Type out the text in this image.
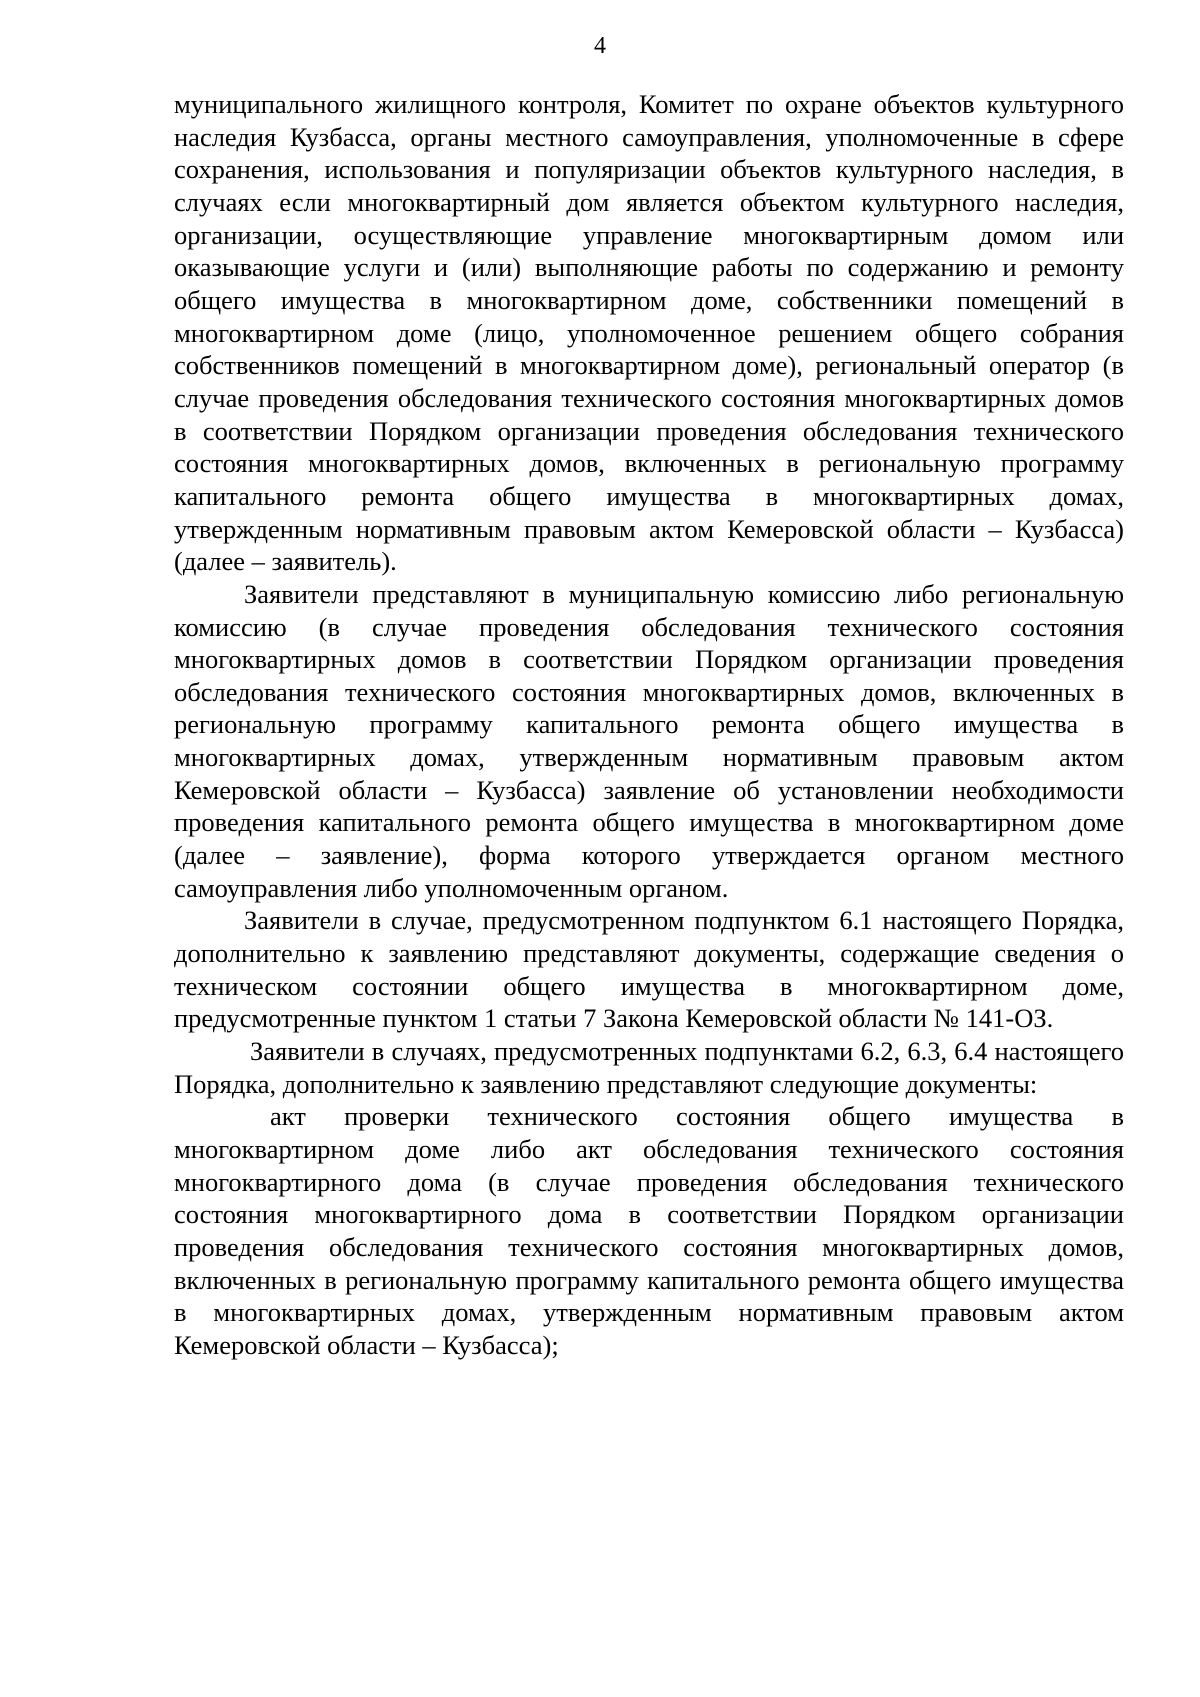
4

муниципального жилищного контроля, Комитет по охране объектов культурного наследия Кузбасса, органы местного самоуправления, уполномоченные в сфере сохранения, использования и популяризации объектов культурного наследия, в случаях если многоквартирный дом является объектом культурного наследия, организации, осуществляющие управление многоквартирным домом или оказывающие услуги и (или) выполняющие работы по содержанию и ремонту общего имущества в многоквартирном доме, собственники помещений в многоквартирном доме (лицо, уполномоченное решением общего собрания собственников помещений в многоквартирном доме), региональный оператор (в случае проведения обследования технического состояния многоквартирных домов в соответствии Порядком организации проведения обследования технического состояния многоквартирных домов, включенных в региональную программу капитального ремонта общего имущества в многоквартирных домах, утвержденным нормативным правовым актом Кемеровской области – Кузбасса) (далее – заявитель).

Заявители представляют в муниципальную комиссию либо региональную комиссию (в случае проведения обследования технического состояния многоквартирных домов в соответствии Порядком организации проведения обследования технического состояния многоквартирных домов, включенных в региональную программу капитального ремонта общего имущества в многоквартирных домах, утвержденным нормативным правовым актом Кемеровской области – Кузбасса) заявление об установлении необходимости проведения капитального ремонта общего имущества в многоквартирном доме (далее – заявление), форма которого утверждается органом местного самоуправления либо уполномоченным органом.

Заявители в случае, предусмотренном подпунктом 6.1 настоящего Порядка, дополнительно к заявлению представляют документы, содержащие сведения о техническом состоянии общего имущества в многоквартирном доме, предусмотренные пунктом 1 статьи 7 Закона Кемеровской области № 141-ОЗ.

Заявители в случаях, предусмотренных подпунктами 6.2, 6.3, 6.4 настоящего Порядка, дополнительно к заявлению представляют следующие документы:

акт проверки технического состояния общего имущества в многоквартирном доме либо акт обследования технического состояния многоквартирного дома (в случае проведения обследования технического состояния многоквартирного дома в соответствии Порядком организации проведения обследования технического состояния многоквартирных домов, включенных в региональную программу капитального ремонта общего имущества в многоквартирных домах, утвержденным нормативным правовым актом Кемеровской области – Кузбасса);
